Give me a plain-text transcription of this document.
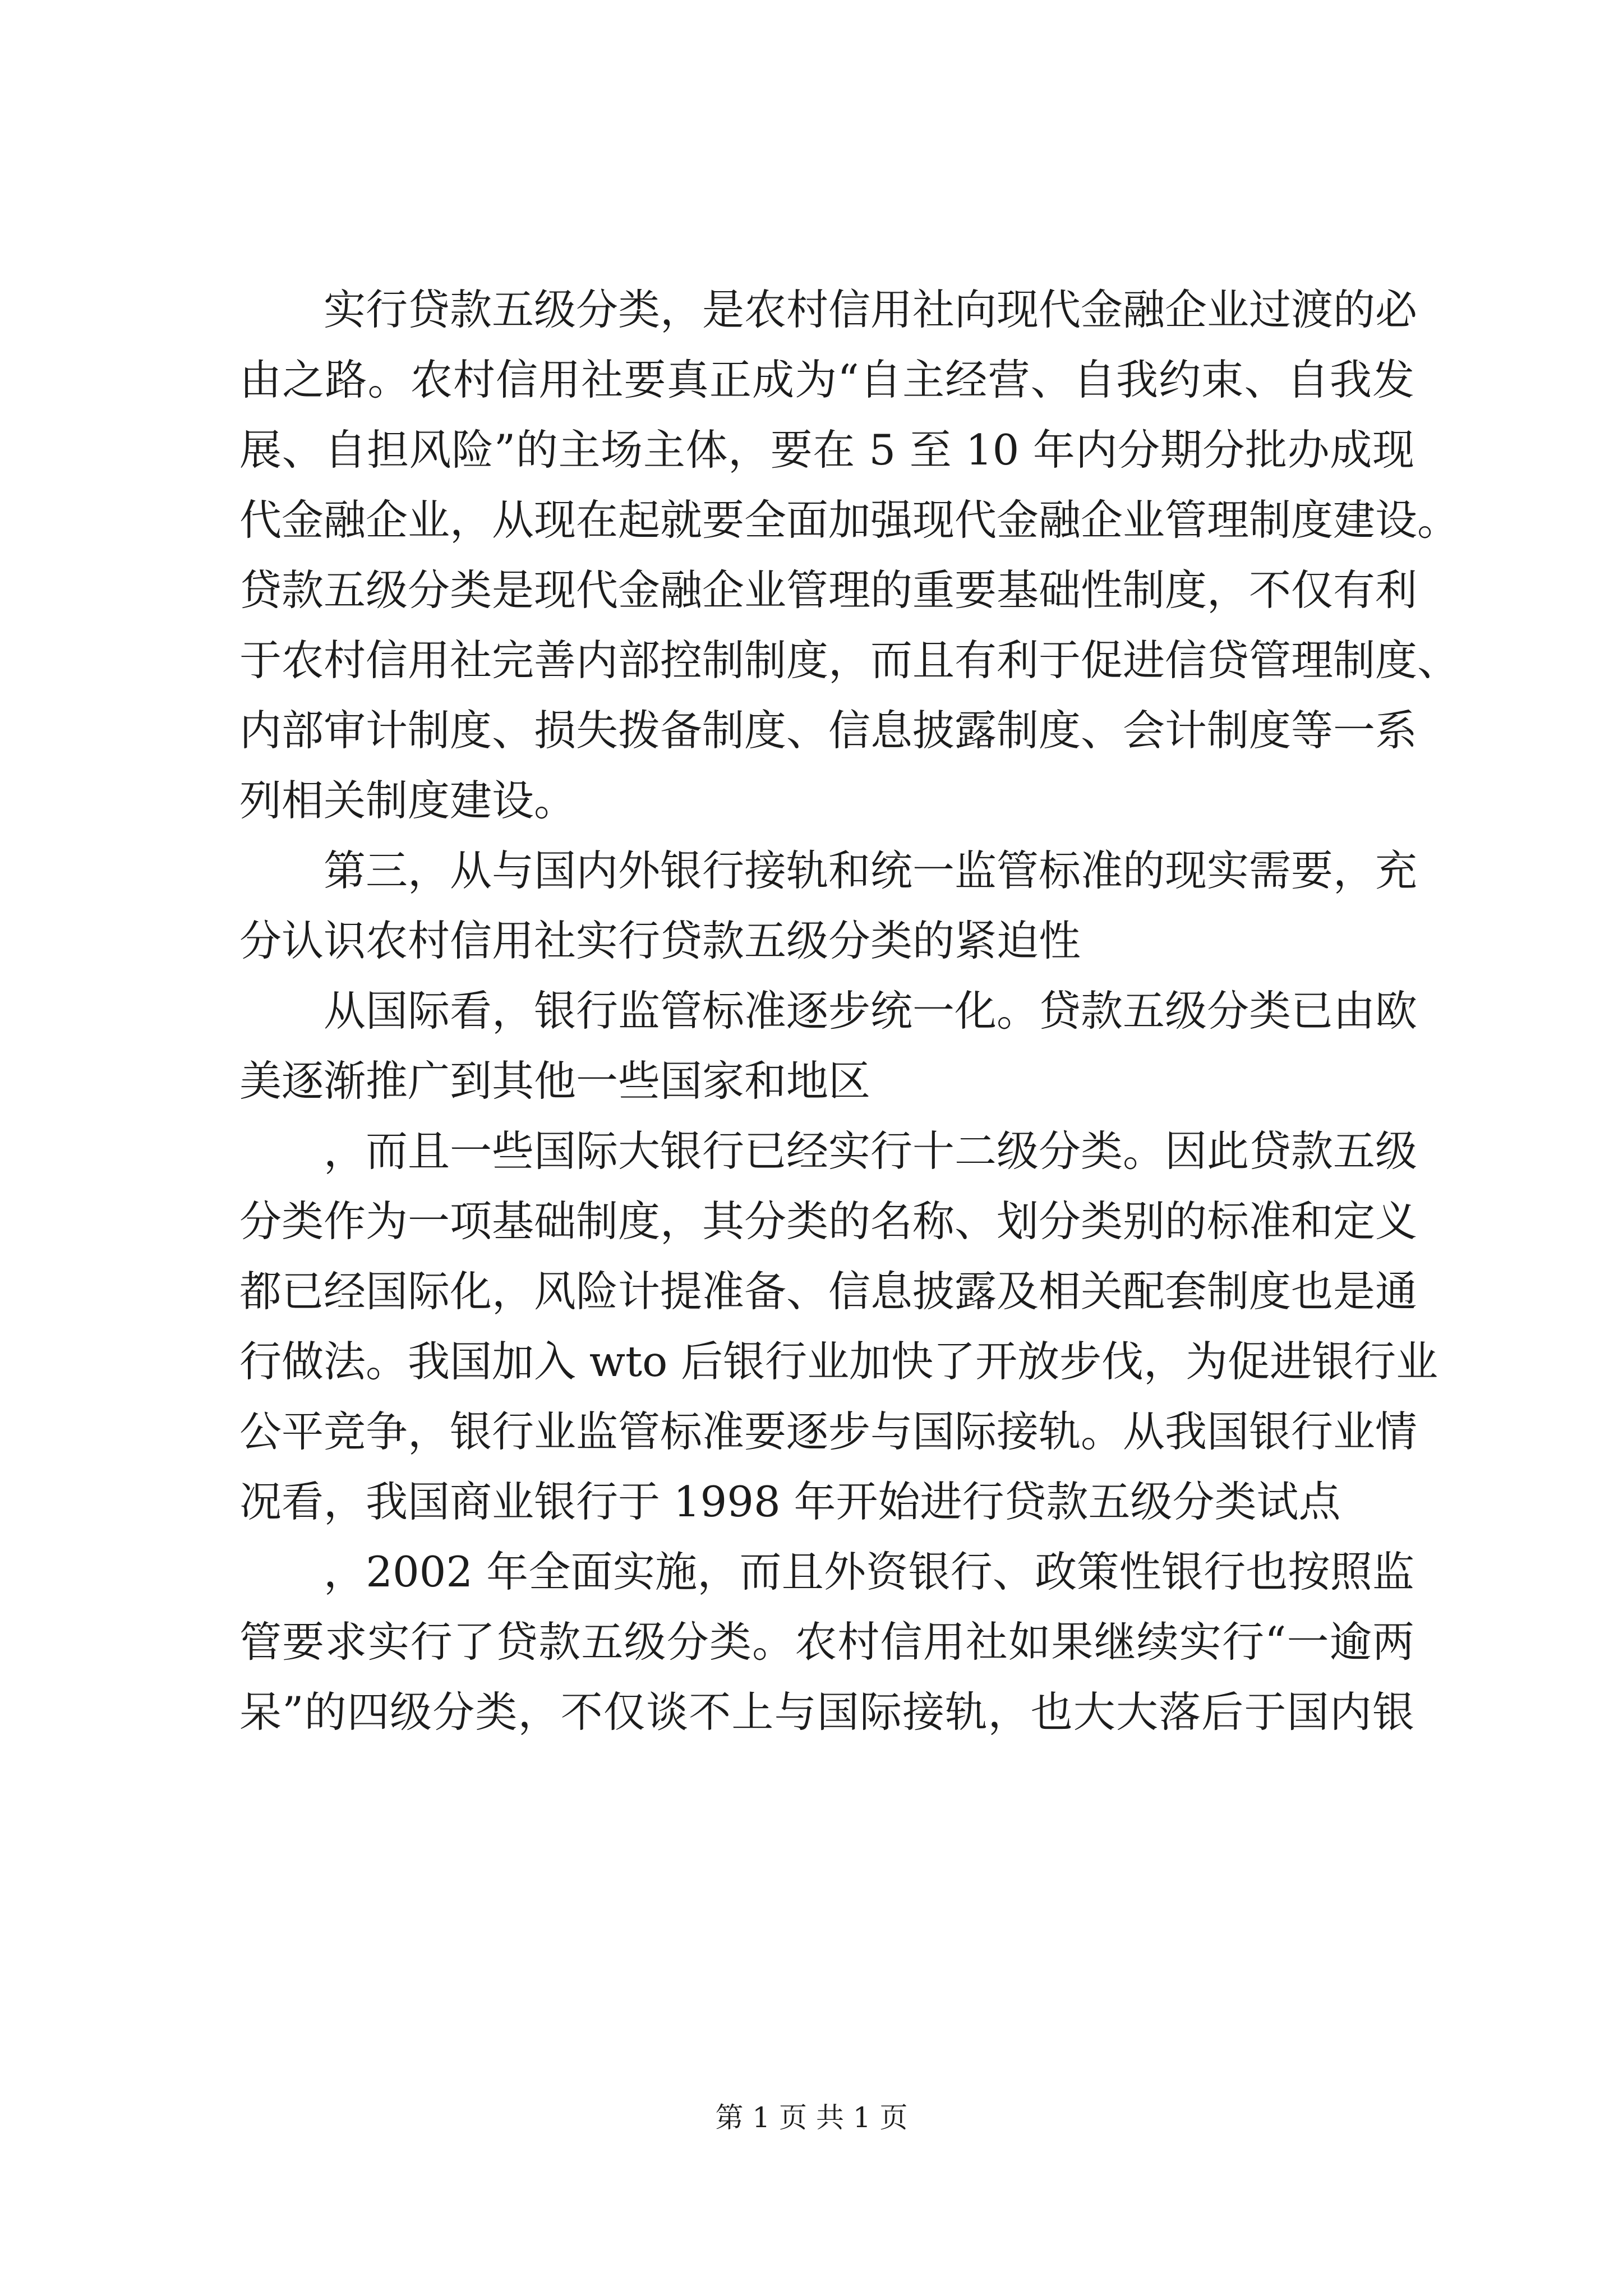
实行贷款五级分类，是农村信用社向现代金融企业过渡的必
由之路。农村信用社要真正成为“自主经营、自我约束、自我发
展、自担风险”的主场主体，要在 5 至 10 年内分期分批办成现
代金融企业，从现在起就要全面加强现代金融企业管理制度建设。
贷款五级分类是现代金融企业管理的重要基础性制度，不仅有利
于农村信用社完善内部控制制度，而且有利于促进信贷管理制度、
内部审计制度、损失拨备制度、信息披露制度、会计制度等一系
列相关制度建设。
第三，从与国内外银行接轨和统一监管标准的现实需要，充
分认识农村信用社实行贷款五级分类的紧迫性
从国际看，银行监管标准逐步统一化。贷款五级分类已由欧
美逐渐推广到其他一些国家和地区
，而且一些国际大银行已经实行十二级分类。因此贷款五级
分类作为一项基础制度，其分类的名称、划分类别的标准和定义
都已经国际化，风险计提准备、信息披露及相关配套制度也是通
行做法。我国加入 wto 后银行业加快了开放步伐，为促进银行业
公平竞争，银行业监管标准要逐步与国际接轨。从我国银行业情
况看，我国商业银行于 1998 年开始进行贷款五级分类试点
，2002 年全面实施，而且外资银行、政策性银行也按照监
管要求实行了贷款五级分类。农村信用社如果继续实行“一逾两
呆”的四级分类，不仅谈不上与国际接轨，也大大落后于国内银
第 1 页 共 1 页
